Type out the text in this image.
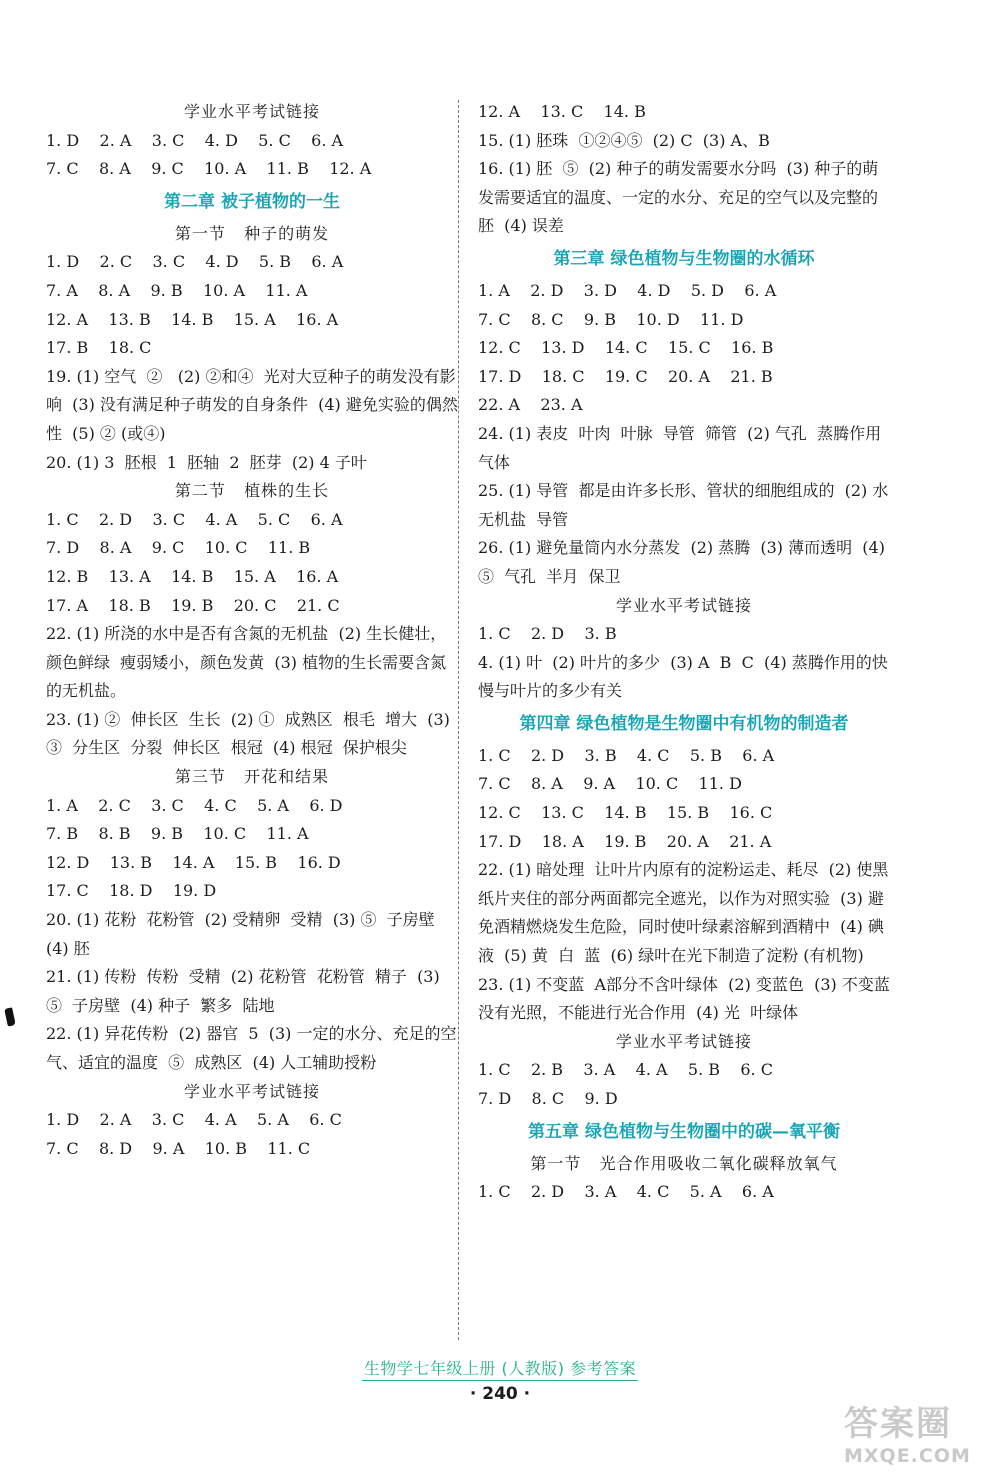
学业水平考试链接
1. D    2. A    3. C    4. D    5. C    6. A
7. C    8. A    9. C    10. A    11. B    12. A
第二章 被子植物的一生
第一节   种子的萌发
1. D    2. C    3. C    4. D    5. B    6. A
7. A    8. A    9. B    10. A    11. A
12. A    13. B    14. B    15. A    16. A
17. B    18. C
19. (1) 空气  ②   (2) ②和④  光对大豆种子的萌发没有影响  (3) 没有满足种子萌发的自身条件  (4) 避免实验的偶然性  (5) ② (或④)
20. (1) 3  胚根  1  胚轴  2  胚芽  (2) 4 子叶
第二节   植株的生长
1. C    2. D    3. C    4. A    5. C    6. A
7. D    8. A    9. C    10. C    11. B
12. B    13. A    14. B    15. A    16. A
17. A    18. B    19. B    20. C    21. C
22. (1) 所浇的水中是否有含氮的无机盐  (2) 生长健壮，颜色鲜绿  瘦弱矮小，颜色发黄  (3) 植物的生长需要含氮的无机盐。
23. (1) ②  伸长区  生长  (2) ①  成熟区  根毛  增大  (3) ③  分生区  分裂  伸长区  根冠  (4) 根冠  保护根尖
第三节   开花和结果
1. A    2. C    3. C    4. C    5. A    6. D
7. B    8. B    9. B    10. C    11. A
12. D    13. B    14. A    15. B    16. D
17. C    18. D    19. D
20. (1) 花粉  花粉管  (2) 受精卵  受精  (3) ⑤  子房壁  (4) 胚
21. (1) 传粉  传粉  受精  (2) 花粉管  花粉管  精子  (3) ⑤  子房壁  (4) 种子  繁多  陆地
22. (1) 异花传粉  (2) 器官  5  (3) 一定的水分、充足的空气、适宜的温度  ⑤  成熟区  (4) 人工辅助授粉
学业水平考试链接
1. D    2. A    3. C    4. A    5. A    6. C
7. C    8. D    9. A    10. B    11. C
12. A    13. C    14. B
15. (1) 胚珠  ①②④⑤  (2) C  (3) A、B
16. (1) 胚  ⑤  (2) 种子的萌发需要水分吗  (3) 种子的萌发需要适宜的温度、一定的水分、充足的空气以及完整的胚  (4) 误差
第三章 绿色植物与生物圈的水循环
1. A    2. D    3. D    4. D    5. D    6. A
7. C    8. C    9. B    10. D    11. D
12. C    13. D    14. C    15. C    16. B
17. D    18. C    19. C    20. A    21. B
22. A    23. A
24. (1) 表皮  叶肉  叶脉  导管  筛管  (2) 气孔  蒸腾作用  气体
25. (1) 导管  都是由许多长形、管状的细胞组成的  (2) 水  无机盐  导管
26. (1) 避免量筒内水分蒸发  (2) 蒸腾  (3) 薄而透明  (4) ⑤  气孔  半月  保卫
学业水平考试链接
1. C    2. D    3. B
4. (1) 叶  (2) 叶片的多少  (3) A  B  C  (4) 蒸腾作用的快慢与叶片的多少有关
第四章 绿色植物是生物圈中有机物的制造者
1. C    2. D    3. B    4. C    5. B    6. A
7. C    8. A    9. A    10. C    11. D
12. C    13. C    14. B    15. B    16. C
17. D    18. A    19. B    20. A    21. A
22. (1) 暗处理  让叶片内原有的淀粉运走、耗尽  (2) 使黑纸片夹住的部分两面都完全遮光，以作为对照实验  (3) 避免酒精燃烧发生危险，同时使叶绿素溶解到酒精中  (4) 碘液  (5) 黄  白  蓝  (6) 绿叶在光下制造了淀粉 (有机物)
23. (1) 不变蓝  A部分不含叶绿体  (2) 变蓝色  (3) 不变蓝  没有光照，不能进行光合作用  (4) 光  叶绿体
学业水平考试链接
1. C    2. B    3. A    4. A    5. B    6. C
7. D    8. C    9. D
第五章 绿色植物与生物圈中的碳—氧平衡
第一节   光合作用吸收二氧化碳释放氧气
1. C    2. D    3. A    4. C    5. A    6. A
生物学七年级上册 (人教版) 参考答案
· 240 ·
答案圈
MXQE.COM
